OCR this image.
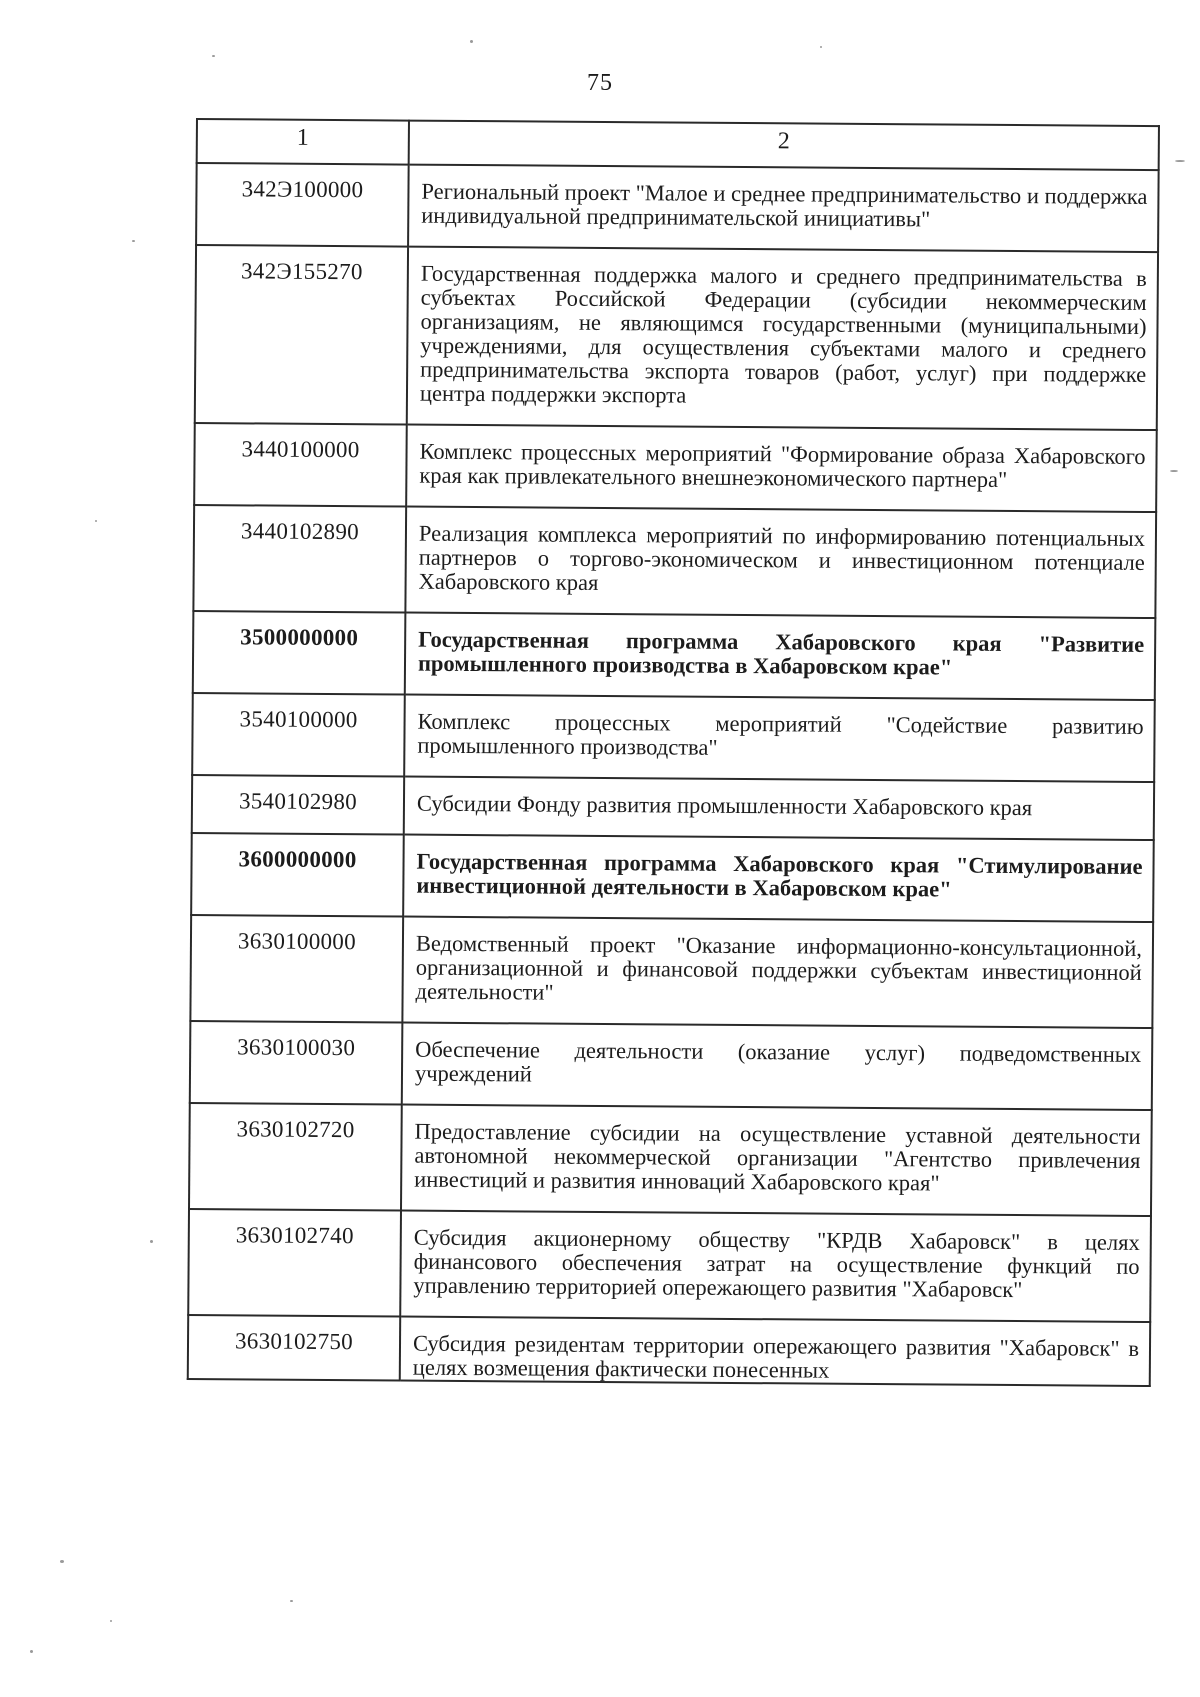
75
1	2
342Э100000	Региональный проект "Малое и среднее предпринимательство и поддержка индивидуальной предпринимательской инициативы"
342Э155270	Государственная поддержка малого и среднего предпринимательства в субъектах Российской Федерации (субсидии некоммерческим организациям, не являющимся государственными (муниципальными) учреждениями, для осуществления субъектами малого и среднего предпринимательства экспорта товаров (работ, услуг) при поддержке центра поддержки экспорта
3440100000	Комплекс процессных мероприятий "Формирование образа Хабаровского края как привлекательного внешнеэкономического партнера"
3440102890	Реализация комплекса мероприятий по информированию потенциальных партнеров о торгово-экономическом и инвестиционном потенциале Хабаровского края
3500000000	Государственная программа Хабаровского края "Развитие промышленного производства в Хабаровском крае"
3540100000	Комплекс процессных мероприятий "Содействие развитию промышленного производства"
3540102980	Субсидии Фонду развития промышленности Хабаровского края
3600000000	Государственная программа Хабаровского края "Стимулирование инвестиционной деятельности в Хабаровском крае"
3630100000	Ведомственный проект "Оказание информационно-консультационной, организационной и финансовой поддержки субъектам инвестиционной деятельности"
3630100030	Обеспечение деятельности (оказание услуг) подведомственных учреждений
3630102720	Предоставление субсидии на осуществление уставной деятельности автономной некоммерческой организации "Агентство привлечения инвестиций и развития инноваций Хабаровского края"
3630102740	Субсидия акционерному обществу "КРДВ Хабаровск" в целях финансового обеспечения затрат на осуществление функций по управлению территорией опережающего развития "Хабаровск"
3630102750	Субсидия резидентам территории опережающего развития "Хабаровск" в целях возмещения фактически понесенных
